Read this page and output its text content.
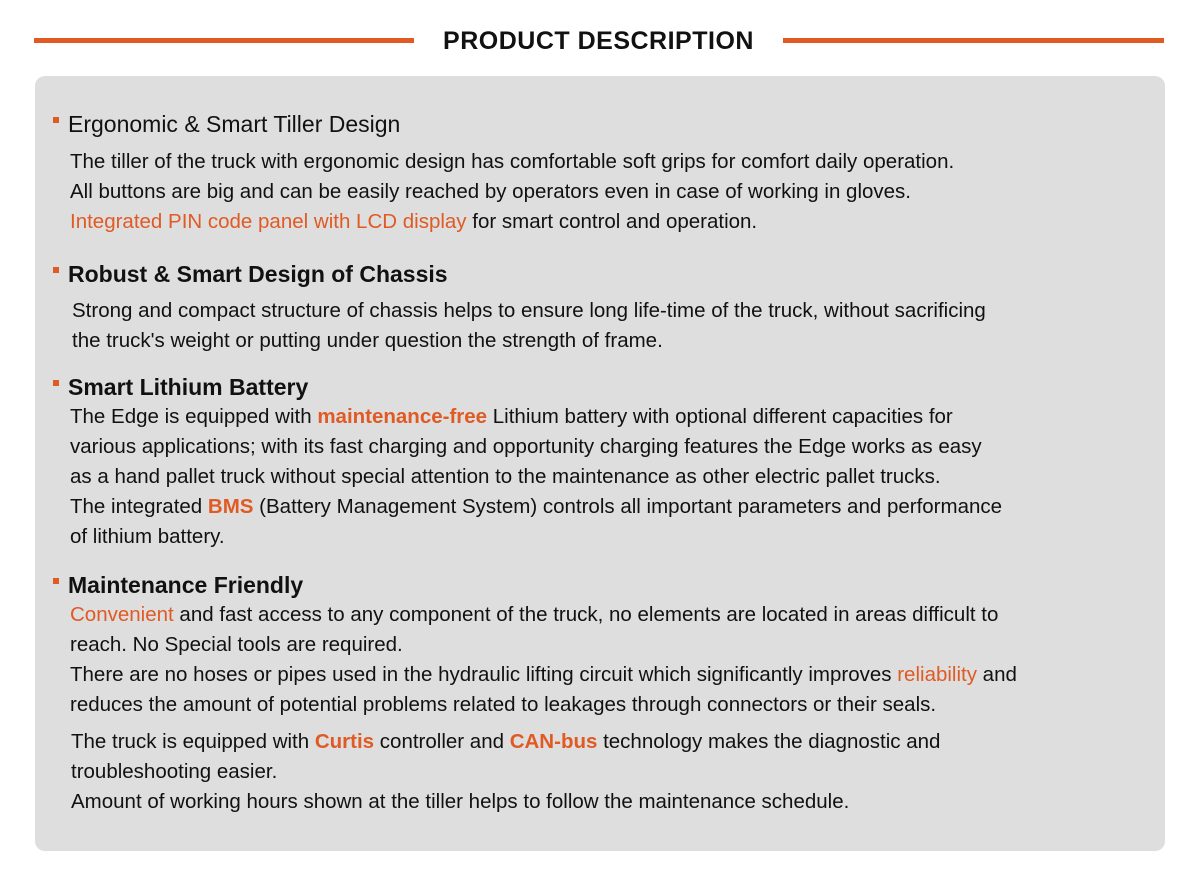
PRODUCT DESCRIPTION
Ergonomic & Smart Tiller Design
The tiller of the truck with ergonomic design has comfortable soft grips for comfort daily operation.
All buttons are big and can be easily reached by operators even in case of working in gloves.
Integrated PIN code panel with LCD display for smart control and operation.
Robust & Smart Design of Chassis
Strong and compact structure of chassis helps to ensure long life-time of the truck, without sacrificing
the truck's weight or putting under question the strength of frame.
Smart Lithium Battery
The Edge is equipped with maintenance-free Lithium battery with optional different capacities for
various applications; with its fast charging and opportunity charging features the Edge works as easy
as a hand pallet truck without special attention to the maintenance as other electric pallet trucks.
The integrated BMS (Battery Management System) controls all important parameters and performance
of lithium battery.
Maintenance Friendly
Convenient and fast access to any component of the truck, no elements are located in areas difficult to
reach. No Special tools are required.
There are no hoses or pipes used in the hydraulic lifting circuit which significantly improves reliability and
reduces the amount of potential problems related to leakages through connectors or their seals.
The truck is equipped with Curtis controller and CAN-bus technology makes the diagnostic and
troubleshooting easier.
Amount of working hours shown at the tiller helps to follow the maintenance schedule.
